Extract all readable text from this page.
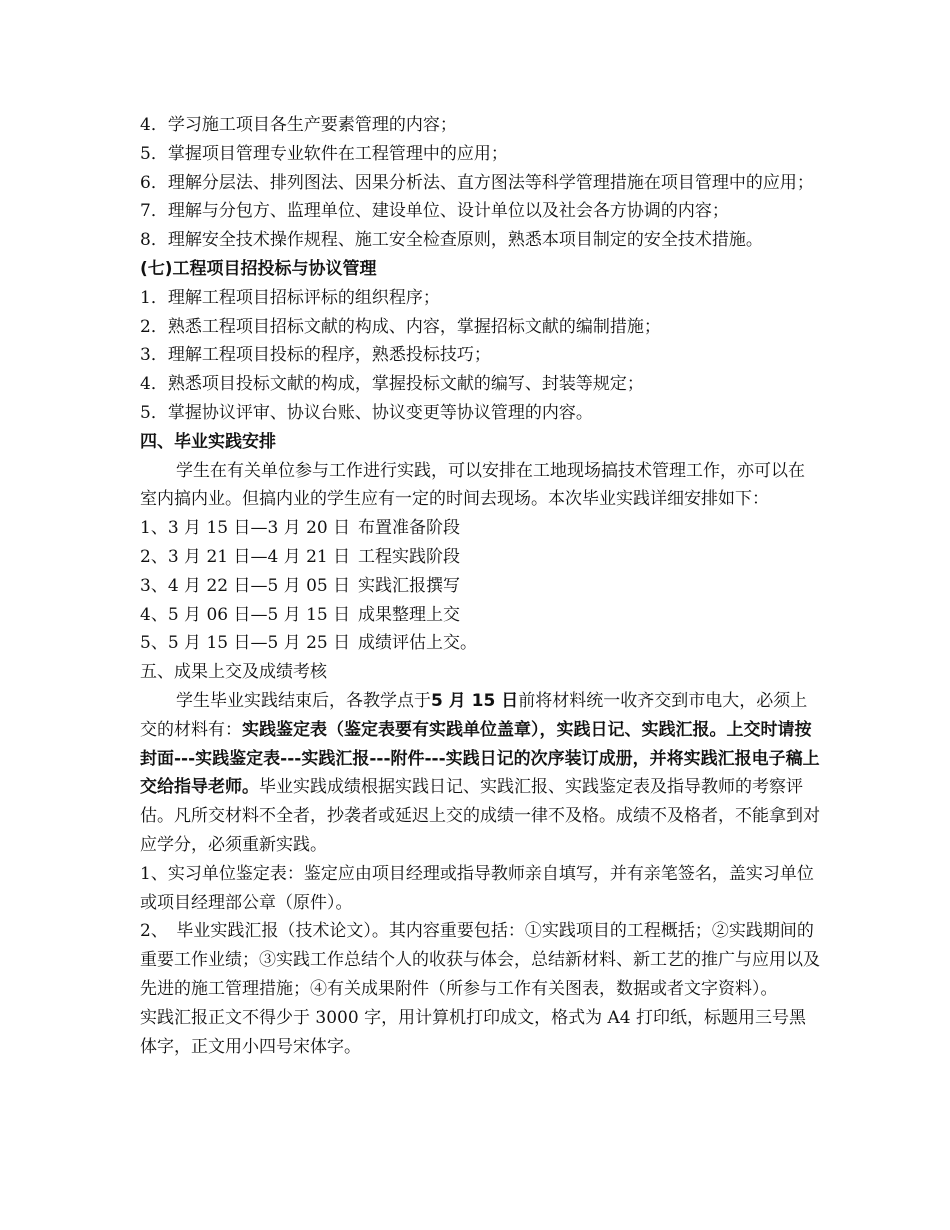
4．学习施工项目各生产要素管理的内容；

5．掌握项目管理专业软件在工程管理中的应用；

6．理解分层法、排列图法、因果分析法、直方图法等科学管理措施在项目管理中的应用；

7．理解与分包方、监理单位、建设单位、设计单位以及社会各方协调的内容；

8．理解安全技术操作规程、施工安全检查原则，熟悉本项目制定的安全技术措施。

(七)工程项目招投标与协议管理

1．理解工程项目招标评标的组织程序；

2．熟悉工程项目招标文献的构成、内容，掌握招标文献的编制措施；

3．理解工程项目投标的程序，熟悉投标技巧；

4．熟悉项目投标文献的构成，掌握投标文献的编写、封装等规定；

5．掌握协议评审、协议台账、协议变更等协议管理的内容。

四、毕业实践安排

学生在有关单位参与工作进行实践，可以安排在工地现场搞技术管理工作，亦可以在室内搞内业。但搞内业的学生应有一定的时间去现场。本次毕业实践详细安排如下：

1、3 月 15 日—3 月 20 日 布置准备阶段

2、3 月 21 日—4 月 21 日 工程实践阶段

3、4 月 22 日—5 月 05 日 实践汇报撰写

4、5 月 06 日—5 月 15 日 成果整理上交

5、5 月 15 日—5 月 25 日 成绩评估上交。

五、成果上交及成绩考核

学生毕业实践结束后，各教学点于5 月 15 日前将材料统一收齐交到市电大，必须上交的材料有：实践鉴定表（鉴定表要有实践单位盖章），实践日记、实践汇报。上交时请按封面---实践鉴定表---实践汇报---附件---实践日记的次序装订成册，并将实践汇报电子稿上交给指导老师。毕业实践成绩根据实践日记、实践汇报、实践鉴定表及指导教师的考察评估。凡所交材料不全者，抄袭者或延迟上交的成绩一律不及格。成绩不及格者，不能拿到对应学分，必须重新实践。

1、实习单位鉴定表：鉴定应由项目经理或指导教师亲自填写，并有亲笔签名，盖实习单位或项目经理部公章（原件）。

2、　毕业实践汇报（技术论文）。其内容重要包括：①实践项目的工程概括；②实践期间的重要工作业绩；③实践工作总结个人的收获与体会，总结新材料、新工艺的推广与应用以及先进的施工管理措施；④有关成果附件（所参与工作有关图表，数据或者文字资料）。

实践汇报正文不得少于 3000 字，用计算机打印成文，格式为 A4 打印纸，标题用三号黑体字，正文用小四号宋体字。
